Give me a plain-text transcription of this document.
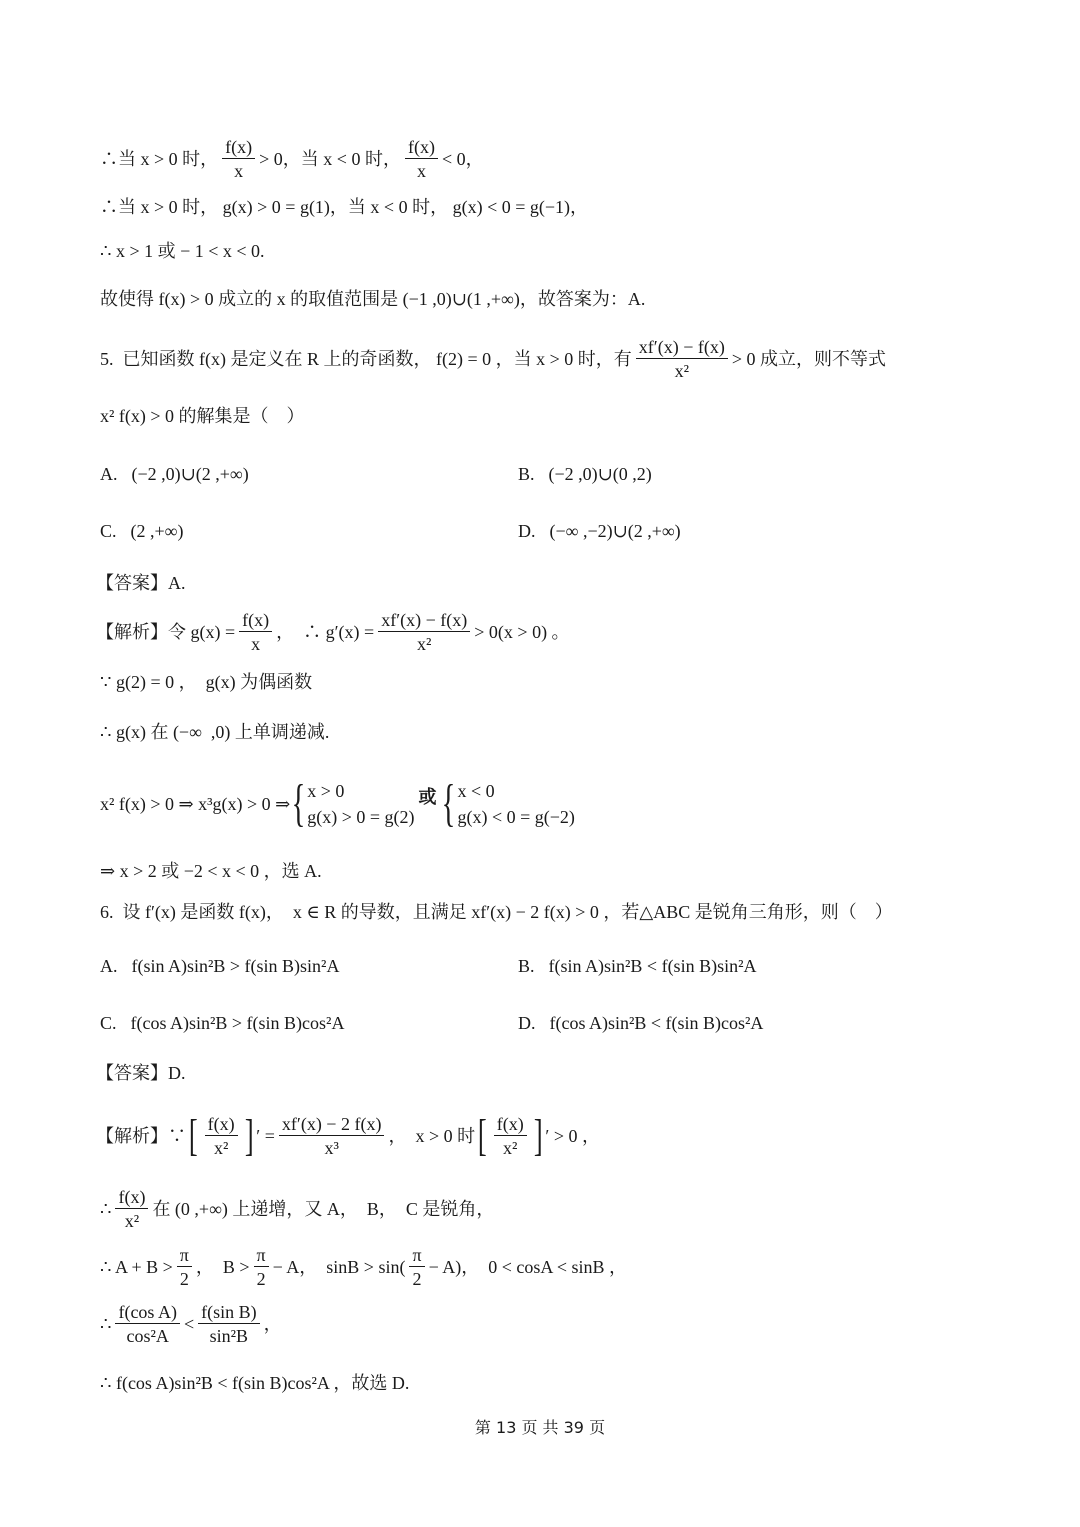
∴当 x > 0 时， $\frac{f(x)}{x} > 0$，当 x < 0 时， $\frac{f(x)}{x} < 0$，
∴当 x > 0 时， g(x) > 0 = g(1)，当 x < 0 时， g(x) < 0 = g(−1)，
∴ x > 1 或 − 1 < x < 0.
故使得 f(x) > 0 成立的 x 的取值范围是 (−1 ,0)∪(1 ,+∞)，故答案为：A.
5.  已知函数 f(x) 是定义在 R 上的奇函数， f(2) = 0 ，当 x > 0 时，有 $\frac{xf'(x) - f(x)}{\text{x²}} > 0$ 成立，则不等式
x² f(x) > 0 的解集是（　）
A. (−2 ,0)∪(2 ,+∞)	B. (−2 ,0)∪(0 ,2)
C. (2 ,+∞)	D. (−∞ ,−2)∪(2 ,+∞)
【答案】A.
【解析】令 $g(x) = \frac{f(x)}{x}$ ，  ∴ $g'(x) = \frac{xf'(x) - f(x)}{\text{x²}} > 0(x > 0)$ 。
∵ g(2) = 0 ，  g(x) 为偶函数
∴ g(x) 在 (−∞  ,0) 上单调递减.
x² f(x) > 0 ⇒ x³g(x) > 0 ⇒ { x > 0
g(x) > 0 = g(2)
或 { x < 0
g(x) < 0 = g(−2)
⇒ x > 2 或 −2 < x < 0 ，选 A.
6.  设 f′(x) 是函数 f(x)，  x ∈ R 的导数，且满足 xf′(x) − 2 f(x) > 0 ，若△ABC 是锐角三角形，则（　）
A. f(sin A)sin²B > f(sin B)sin²A	B. f(sin A)sin²B < f(sin B)sin²A
C. f(cos A)sin²B > f(sin B)cos²A	D. f(cos A)sin²B < f(sin B)cos²A
【答案】D.
【解析】∵ [ $\frac{f(x)}{\text{x²}}$ ] ′ = $\frac{xf'(x) - 2 f(x)}{\text{x³}}$ ，  x > 0 时 [ $\frac{f(x)}{\text{x²}}$ ] ′ > 0 ，
∴ $\frac{f(x)}{\text{x²}}$ 在 (0 ,+∞) 上递增，又 A，  B，  C 是锐角，
∴ $A + B > \frac{\pi}{2}$ ，  $B > \frac{\pi}{2} - A$，  $\sin B > \sin( \frac{\pi}{2} - A)$，  0 < cosA < sinB ，
∴ $\frac{\text{f(cos A)}}{\text{cos²A}} < \frac{\text{f(sin B)}}{\text{sin²B}}$ ，
∴ f(cos A)sin²B < f(sin B)cos²A ，故选 D.
第 13 页 共 39 页
